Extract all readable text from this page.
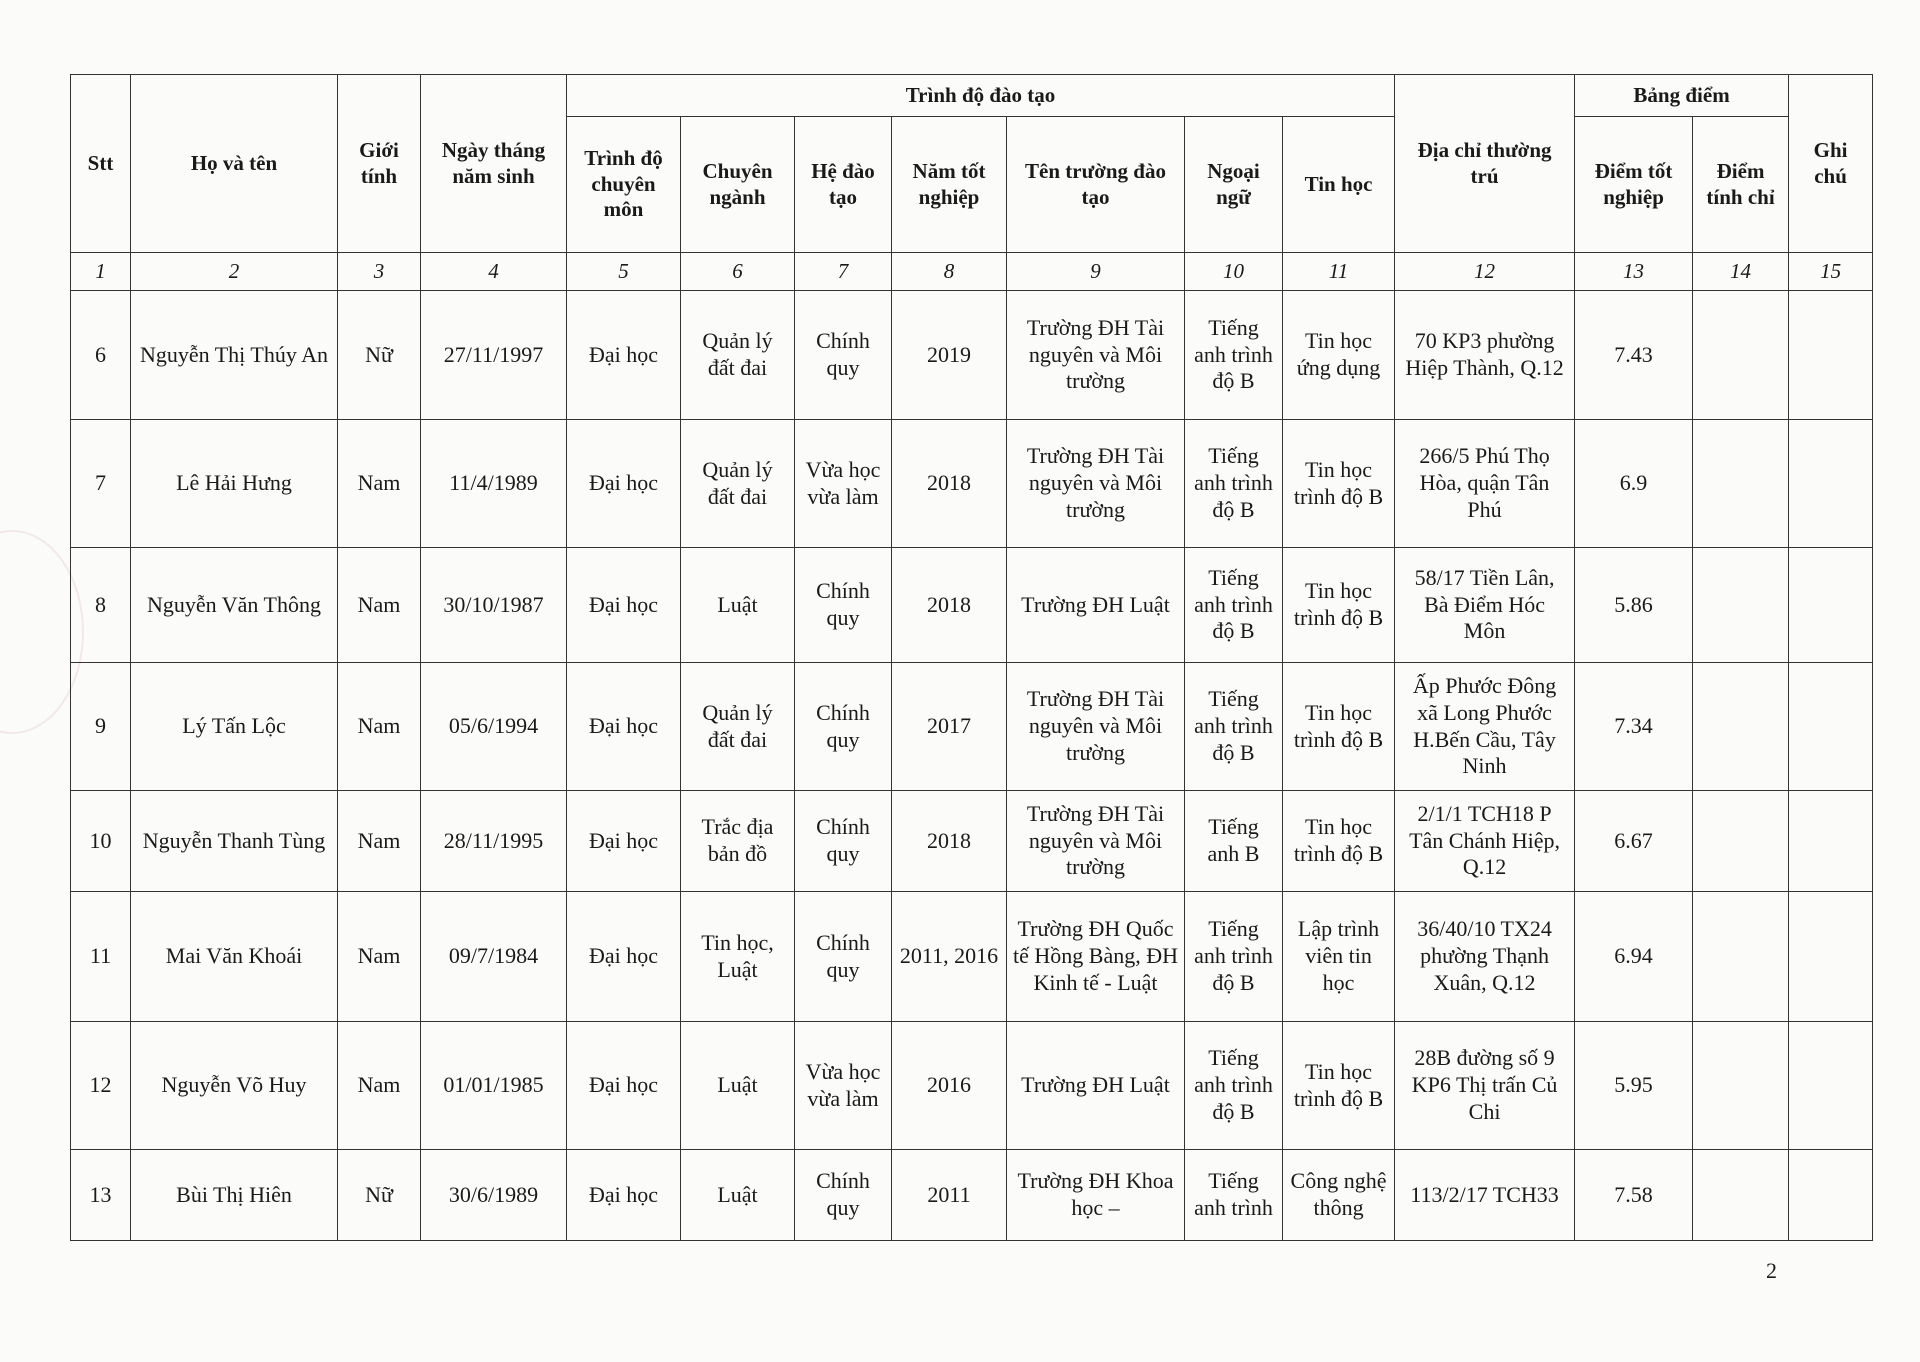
Stt	Họ và tên	Giới tính	Ngày tháng năm sinh	Trình độ đào tạo							Địa chỉ thường trú	Bảng điểm		Ghi chú
				Trình độ chuyên môn	Chuyên ngành	Hệ đào tạo	Năm tốt nghiệp	Tên trường đào tạo	Ngoại ngữ	Tin học		Điểm tốt nghiệp	Điểm tính chỉ	
1	2	3	4	5	6	7	8	9	10	11	12	13	14	15
6	Nguyễn Thị Thúy An	Nữ	27/11/1997	Đại học	Quản lý đất đai	Chính quy	2019	Trường ĐH Tài nguyên và Môi trường	Tiếng anh trình độ B	Tin học ứng dụng	70 KP3 phường Hiệp Thành, Q.12	7.43		
7	Lê Hải Hưng	Nam	11/4/1989	Đại học	Quản lý đất đai	Vừa học vừa làm	2018	Trường ĐH Tài nguyên và Môi trường	Tiếng anh trình độ B	Tin học trình độ B	266/5 Phú Thọ Hòa, quận Tân Phú	6.9		
8	Nguyễn Văn Thông	Nam	30/10/1987	Đại học	Luật	Chính quy	2018	Trường ĐH Luật	Tiếng anh trình độ B	Tin học trình độ B	58/17 Tiền Lân, Bà Điểm Hóc Môn	5.86		
9	Lý Tấn Lộc	Nam	05/6/1994	Đại học	Quản lý đất đai	Chính quy	2017	Trường ĐH Tài nguyên và Môi trường	Tiếng anh trình độ B	Tin học trình độ B	Ấp Phước Đông xã Long Phước H.Bến Cầu, Tây Ninh	7.34		
10	Nguyễn Thanh Tùng	Nam	28/11/1995	Đại học	Trắc địa bản đồ	Chính quy	2018	Trường ĐH Tài nguyên và Môi trường	Tiếng anh B	Tin học trình độ B	2/1/1 TCH18 P Tân Chánh Hiệp, Q.12	6.67		
11	Mai Văn Khoái	Nam	09/7/1984	Đại học	Tin học, Luật	Chính quy	2011, 2016	Trường ĐH Quốc tế Hồng Bàng, ĐH Kinh tế - Luật	Tiếng anh trình độ B	Lập trình viên tin học	36/40/10 TX24 phường Thạnh Xuân, Q.12	6.94		
12	Nguyễn Võ Huy	Nam	01/01/1985	Đại học	Luật	Vừa học vừa làm	2016	Trường ĐH Luật	Tiếng anh trình độ B	Tin học trình độ B	28B đường số 9 KP6 Thị trấn Củ Chi	5.95		
13	Bùi Thị Hiên	Nữ	30/6/1989	Đại học	Luật	Chính quy	2011	Trường ĐH Khoa học –	Tiếng anh trình	Công nghệ thông	113/2/17 TCH33	7.58		
2
